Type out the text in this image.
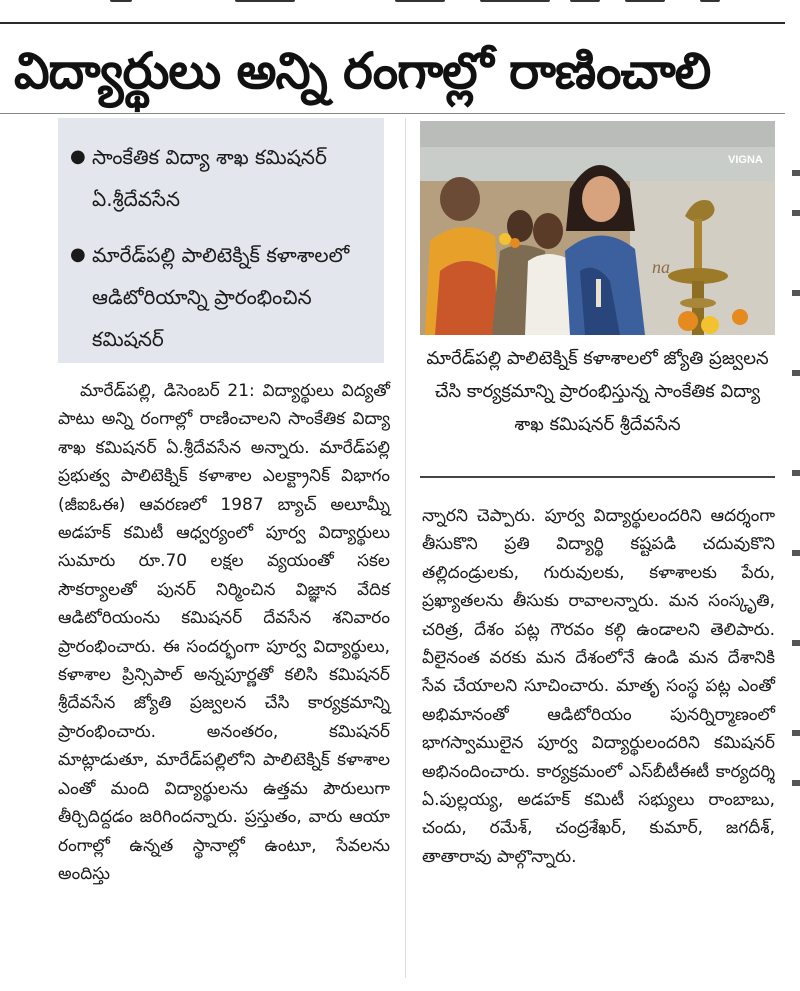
విద్యార్థులు అన్ని రంగాల్లో రాణించాలి
● సాంకేతిక విద్యా శాఖ కమిషనర్ ఏ.శ్రీదేవసేన
● మారేడ్‌పల్లి పాలిటెక్నిక్ కళాశాలలో ఆడిటోరియాన్ని ప్రారంభించిన కమిషనర్
VIGNA
na
మారేడ్‌పల్లి పాలిటెక్నిక్ కళాశాలలో జ్యోతి ప్రజ్వలన చేసి కార్యక్రమాన్ని ప్రారంభిస్తున్న సాంకేతిక విద్యా శాఖ కమిషనర్ శ్రీదేవసేన
మారేడ్‌పల్లి, డిసెంబర్ 21: విద్యార్థులు విద్యతో పాటు అన్ని రంగాల్లో రాణించాలని సాంకేతిక విద్యా శాఖ కమిషనర్ ఏ.శ్రీదేవసేన అన్నారు. మారేడ్‌పల్లి ప్రభుత్వ పాలిటెక్నిక్ కళాశాల ఎలక్ట్రానిక్ విభాగం (జీఐఓఈ) ఆవరణలో 1987 బ్యాచ్ అలూమ్నీ అడహక్ కమిటీ ఆధ్వర్యంలో పూర్వ విద్యార్థులు సుమారు రూ.70 లక్షల వ్యయంతో సకల సౌకర్యాలతో పునర్ నిర్మించిన విజ్ఞాన వేదిక ఆడిటోరియంను కమిషనర్ దేవసేన శనివారం ప్రారంభించారు. ఈ సందర్భంగా పూర్వ విద్యార్థులు, కళాశాల ప్రిన్సిపాల్ అన్నపూర్ణతో కలిసి కమిషనర్ శ్రీదేవసేన జ్యోతి ప్రజ్వలన చేసి కార్యక్రమాన్ని ప్రారంభించారు. అనంతరం, కమిషనర్ మాట్లాడుతూ, మారేడ్‌పల్లిలోని పాలిటెక్నిక్ కళాశాల ఎంతో మంది విద్యార్థులను ఉత్తమ పౌరులుగా తీర్చిదిద్దడం జరిగిందన్నారు. ప్రస్తుతం, వారు ఆయా రంగాల్లో ఉన్నత స్థానాల్లో ఉంటూ, సేవలను అందిస్తు
న్నారని చెప్పారు. పూర్వ విద్యార్థులందరిని ఆదర్శంగా తీసుకొని ప్రతి విద్యార్థి కష్టపడి చదువుకొని తల్లిదండ్రులకు, గురువులకు, కళాశాలకు పేరు, ప్రఖ్యాతలను తీసుకు రావాలన్నారు. మన సంస్కృతి, చరిత్ర, దేశం పట్ల గౌరవం కల్గి ఉండాలని తెలిపారు. వీలైనంత వరకు మన దేశంలోనే ఉండి మన దేశానికి సేవ చేయాలని సూచించారు. మాతృ సంస్థ పట్ల ఎంతో అభిమానంతో ఆడిటోరియం పునర్నిర్మాణంలో భాగస్వాములైన పూర్వ విద్యార్థులందరిని కమిషనర్ అభినందించారు. కార్యక్రమంలో ఎస్‌బీటీఈటీ కార్యదర్శి ఏ.పుల్లయ్య, అడహక్ కమిటీ సభ్యులు రాంబాబు, చందు, రమేశ్, చంద్రశేఖర్, కుమార్, జగదీశ్, తాతారావు పాల్గొన్నారు.
